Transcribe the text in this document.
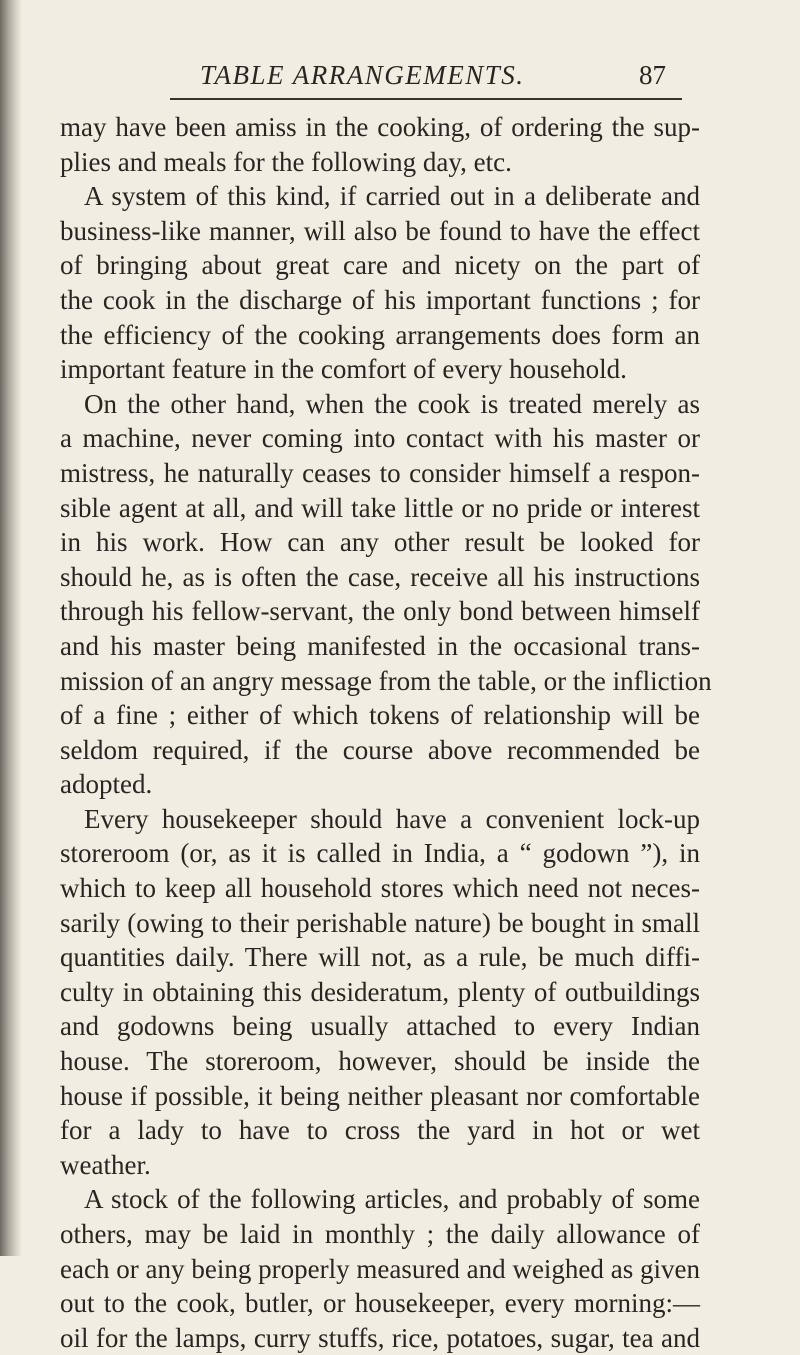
TABLE ARRANGEMENTS.	87
may have been amiss in the cooking, of ordering the sup-
plies and meals for the following day, etc.
A system of this kind, if carried out in a deliberate and
business-like manner, will also be found to have the effect
of bringing about great care and nicety on the part of
the cook in the discharge of his important functions ; for
the efficiency of the cooking arrangements does form an
important feature in the comfort of every household.
On the other hand, when the cook is treated merely as
a machine, never coming into contact with his master or
mistress, he naturally ceases to consider himself a respon-
sible agent at all, and will take little or no pride or interest
in his work. How can any other result be looked for
should he, as is often the case, receive all his instructions
through his fellow-servant, the only bond between himself
and his master being manifested in the occasional trans-
mission of an angry message from the table, or the infliction
of a fine ; either of which tokens of relationship will be
seldom required, if the course above recommended be
adopted.
Every housekeeper should have a convenient lock-up
storeroom (or, as it is called in India, a “ godown ”), in
which to keep all household stores which need not neces-
sarily (owing to their perishable nature) be bought in small
quantities daily. There will not, as a rule, be much diffi-
culty in obtaining this desideratum, plenty of outbuildings
and godowns being usually attached to every Indian
house. The storeroom, however, should be inside the
house if possible, it being neither pleasant nor comfortable
for a lady to have to cross the yard in hot or wet
weather.
A stock of the following articles, and probably of some
others, may be laid in monthly ; the daily allowance of
each or any being properly measured and weighed as given
out to the cook, butler, or housekeeper, every morning:—
oil for the lamps, curry stuffs, rice, potatoes, sugar, tea and
